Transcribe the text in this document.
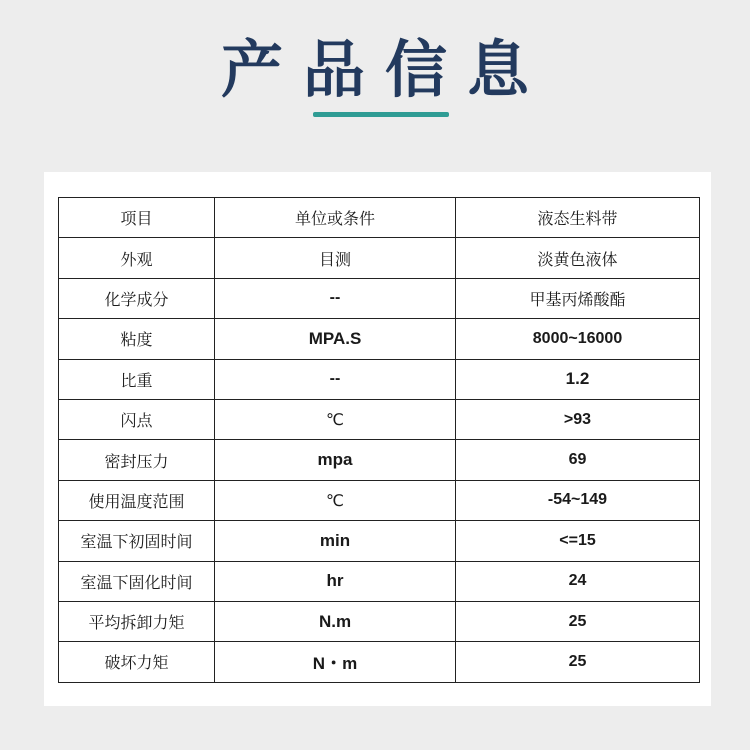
产品信息
项目	单位或条件	液态生料带
外观	目测	淡黄色液体
化学成分	--	甲基丙烯酸酯
粘度	MPA.S	8000~16000
比重	--	1.2
闪点	℃	>93
密封压力	mpa	69
使用温度范围	℃	-54~149
室温下初固时间	min	<=15
室温下固化时间	hr	24
平均拆卸力矩	N.m	25
破坏力矩	N・m	25
